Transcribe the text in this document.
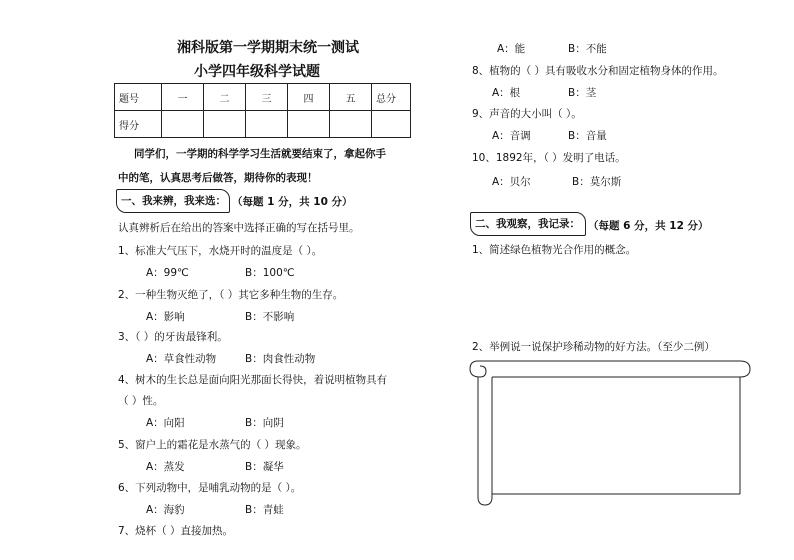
湘科版第一学期期末统一测试
小学四年级科学试题
题号	一	二	三	四	五	总分
得分						
同学们，一学期的科学学习生活就要结束了，拿起你手
中的笔，认真思考后做答，期待你的表现！
一、我来辨，我来选： （每题 1 分，共 10 分）
认真辨析后在给出的答案中选择正确的写在括号里。
1、标准大气压下，水烧开时的温度是（ ）。
A：99℃	B：100℃
2、一种生物灭绝了，（ ）其它多种生物的生存。
A：影响	B：不影响
3、（ ）的牙齿最锋利。
A：草食性动物	B：肉食性动物
4、树木的生长总是面向阳光那面长得快，着说明植物具有
（ ）性。
A：向阳	B：向阴
5、窗户上的霜花是水蒸气的（ ）现象。
A：蒸发	B：凝华
6、下列动物中，是哺乳动物的是（ ）。
A：海豹	B：青蛙
7、烧杯（ ）直接加热。
A：能	B：不能
8、植物的（ ）具有吸收水分和固定植物身体的作用。
A：根	B：茎
9、声音的大小叫（ ）。
A：音调	B：音量
10、1892年，（ ）发明了电话。
A：贝尔	B：莫尔斯
二、我观察，我记录： （每题 6 分，共 12 分）
1、简述绿色植物光合作用的概念。
2、举例说一说保护珍稀动物的好方法。（至少二例）
